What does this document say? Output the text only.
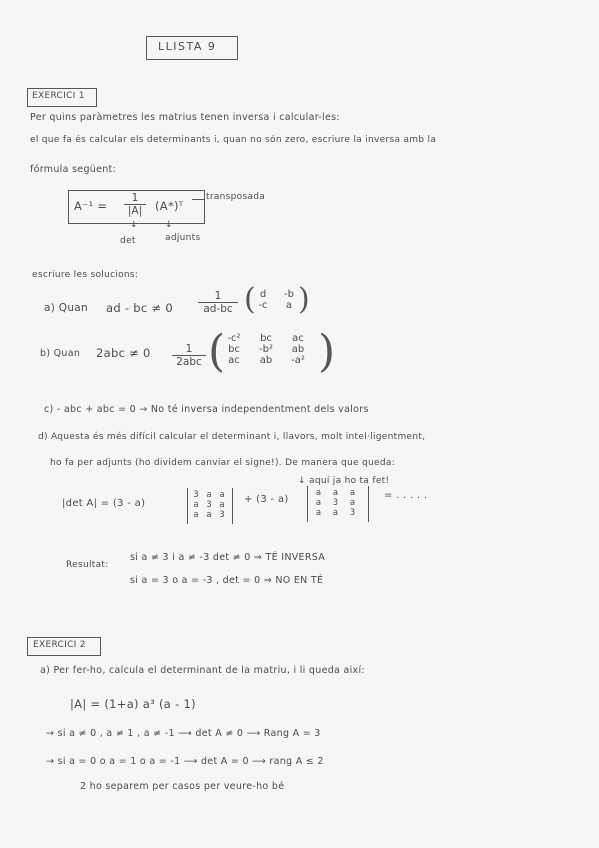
LLISTA 9
EXERCICI 1
Per quins paràmetres les matrius tenen inversa i calcular-les:
el que fa és calcular els determinants i, quan no són zero, escriure la inversa amb la
fórmula següent:
$A^{-1} = \frac{1}{|A|}$ (A*)ᵀ
transposada
↓	↓
det	adjunts
escriure les solucions:
a) Quan ad - bc ≠ $0 \frac{1}{ad-bc}$ ( d	-b
-c	a )
b) Quan 2abc ≠ 0	1
2abc ( -c²	bc	ac
bc	-b²	ab
ac	ab	-a² )
c) - abc + abc = 0 → No té inversa independentment dels valors
d) Aquesta és més difícil calcular el determinant i, llavors, molt intel·ligentment,
ho fa per adjunts (ho dividem canviar el signe!). De manera que queda:
↓ aquí ja ho ta fet!
|det A| = (3 - a)
3 a a
a 3 a
a a 3
+ (3 - a)
a a a
a 3 a
a a 3
= . . . . .
Resultat:
si a ≠ 3 i a ≠ -3 det ≠ 0 ⇒ TÉ INVERSA
si a = 3 o a = -3 , det = 0 ⇒ NO EN TÉ
EXERCICI 2
a) Per fer-ho, calcula el determinant de la matriu, i li queda així:
|A| = (1+a) a³ (a - 1)
→ si a ≠ 0 , a ≠ 1 , a ≠ -1 ⟶ det A ≠ 0 ⟶ Rang A = 3
→ si a = 0 o a = 1 o a = -1 ⟶ det A = 0 ⟶ rang A ≤ 2
2 ho separem per casos per veure-ho bé
